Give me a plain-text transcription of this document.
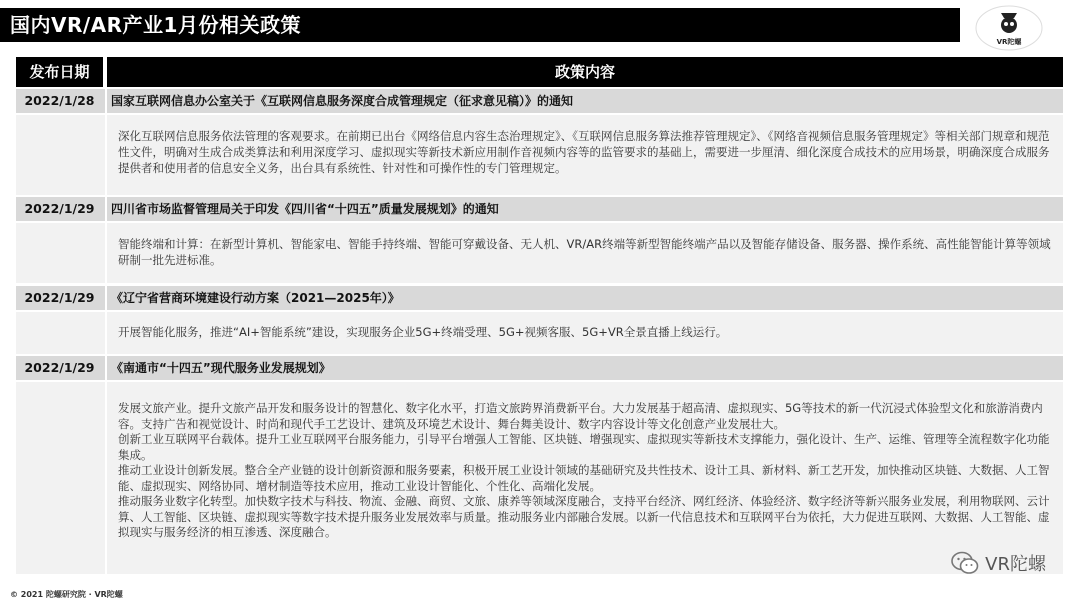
国内VR/AR产业1月份相关政策
VR陀螺
发布日期	政策内容
2022/1/28	国家互联网信息办公室关于《互联网信息服务深度合成管理规定（征求意见稿）》的通知

深化互联网信息服务依法管理的客观要求。在前期已出台《网络信息内容生态治理规定》、《互联网信息服务算法推荐管理规定》、《网络音视频信息服务管理规定》等相关部门规章和规范性文件，明确对生成合成类算法和利用深度学习、虚拟现实等新技术新应用制作音视频内容等的监管要求的基础上，需要进一步厘清、细化深度合成技术的应用场景，明确深度合成服务提供者和使用者的信息安全义务，出台具有系统性、针对性和可操作性的专门管理规定。

2022/1/29	四川省市场监督管理局关于印发《四川省“十四五”质量发展规划》的通知

智能终端和计算：在新型计算机、智能家电、智能手持终端、智能可穿戴设备、无人机、VR/AR终端等新型智能终端产品以及智能存储设备、服务器、操作系统、高性能智能计算等领域研制一批先进标准。

2022/1/29	《辽宁省营商环境建设行动方案（2021—2025年）》

开展智能化服务，推进“AI+智能系统”建设，实现服务企业5G+终端受理、5G+视频客服、5G+VR全景直播上线运行。

2022/1/29	《南通市“十四五”现代服务业发展规划》

发展文旅产业。提升文旅产品开发和服务设计的智慧化、数字化水平，打造文旅跨界消费新平台。大力发展基于超高清、虚拟现实、5G等技术的新一代沉浸式体验型文化和旅游消费内容。支持广告和视觉设计、时尚和现代手工艺设计、建筑及环境艺术设计、舞台舞美设计、数字内容设计等文化创意产业发展壮大。

创新工业互联网平台载体。提升工业互联网平台服务能力，引导平台增强人工智能、区块链、增强现实、虚拟现实等新技术支撑能力，强化设计、生产、运维、管理等全流程数字化功能集成。

推动工业设计创新发展。整合全产业链的设计创新资源和服务要素，积极开展工业设计领域的基础研究及共性技术、设计工具、新材料、新工艺开发，加快推动区块链、大数据、人工智能、虚拟现实、网络协同、增材制造等技术应用，推动工业设计智能化、个性化、高端化发展。

推动服务业数字化转型。加快数字技术与科技、物流、金融、商贸、文旅、康养等领域深度融合，支持平台经济、网红经济、体验经济、数字经济等新兴服务业发展，利用物联网、云计算、人工智能、区块链、虚拟现实等数字技术提升服务业发展效率与质量。推动服务业内部融合发展。以新一代信息技术和互联网平台为依托，大力促进互联网、大数据、人工智能、虚拟现实与服务经济的相互渗透、深度融合。

VR陀螺
© 2021 陀螺研究院 · VR陀螺
